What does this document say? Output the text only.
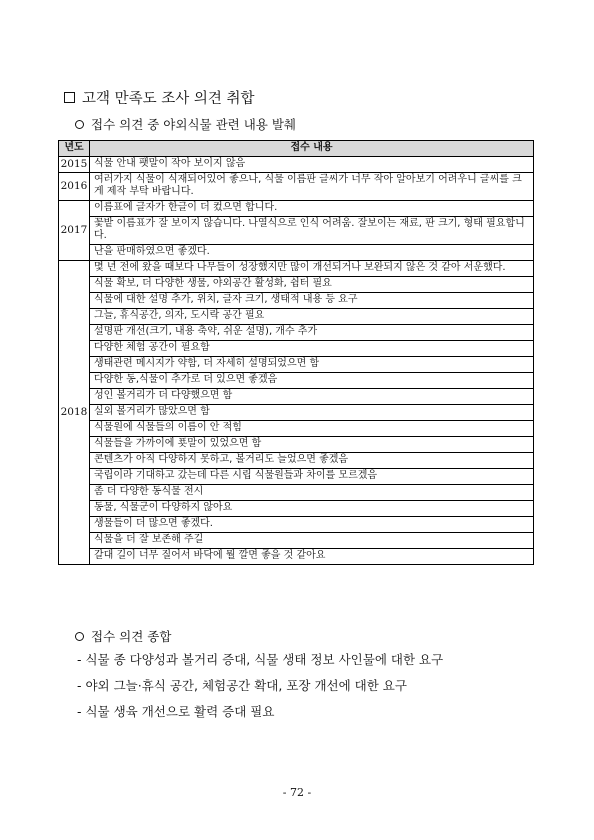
고객 만족도 조사 의견 취합
접수 의견 중 야외식물 관련 내용 발췌
년도	접수 내용
2015	식물 안내 팻말이 작아 보이지 않음
2016	여러가지 식물이 식재되어있어 좋으나, 식물 이름판 글씨가 너무 작아 알아보기 어려우니 글씨를 크게 제작 부탁 바랍니다.
2017	이름표에 글자가 한글이 더 컸으면 합니다.
	꽃밭 이름표가 잘 보이지 않습니다. 나열식으로 인식 어려움. 잘보이는 재료, 판 크기, 형태 필요합니다.
	난을 판매하였으면 좋겠다.
2018	몇 년 전에 왔을 때보다 나무들이 성장했지만 많이 개선되거나 보완되지 않은 것 같아 서운했다.
	식물 확보, 더 다양한 생물, 야외공간 활성화, 쉼터 필요
	식물에 대한 설명 추가, 위치, 글자 크기, 생태적 내용 등 요구
	그늘, 휴식공간, 의자, 도시락 공간 필요
	설명판 개선(크기, 내용 축약, 쉬운 설명), 개수 추가
	다양한 체험 공간이 필요함
	생태관련 메시지가 약함, 더 자세히 설명되었으면 함
	다양한 동,식물이 추가로 더 있으면 좋겠음
	성인 볼거리가 더 다양했으면 함
	실외 볼거리가 많았으면 함
	식물원에 식물들의 이름이 안 적힘
	식물들을 가까이에 푯말이 있었으면 함
	콘텐츠가 아직 다양하지 못하고, 볼거리도 늘었으면 좋겠음
	국립이라 기대하고 갔는데 다른 시립 식물원들과 차이를 모르겠음
	좀 더 다양한 동식물 전시
	동물, 식물군이 다양하지 않아요
	생물들이 더 많으면 좋겠다.
	식물을 더 잘 보존해 주길
	갈대 길이 너무 질어서 바닥에 뭘 깔면 좋을 것 같아요
접수 의견 종합
- 식물 종 다양성과 볼거리 증대, 식물 생태 정보 사인물에 대한 요구
- 야외 그늘·휴식 공간, 체험공간 확대, 포장 개선에 대한 요구
- 식물 생육 개선으로 활력 증대 필요
- 72 -
